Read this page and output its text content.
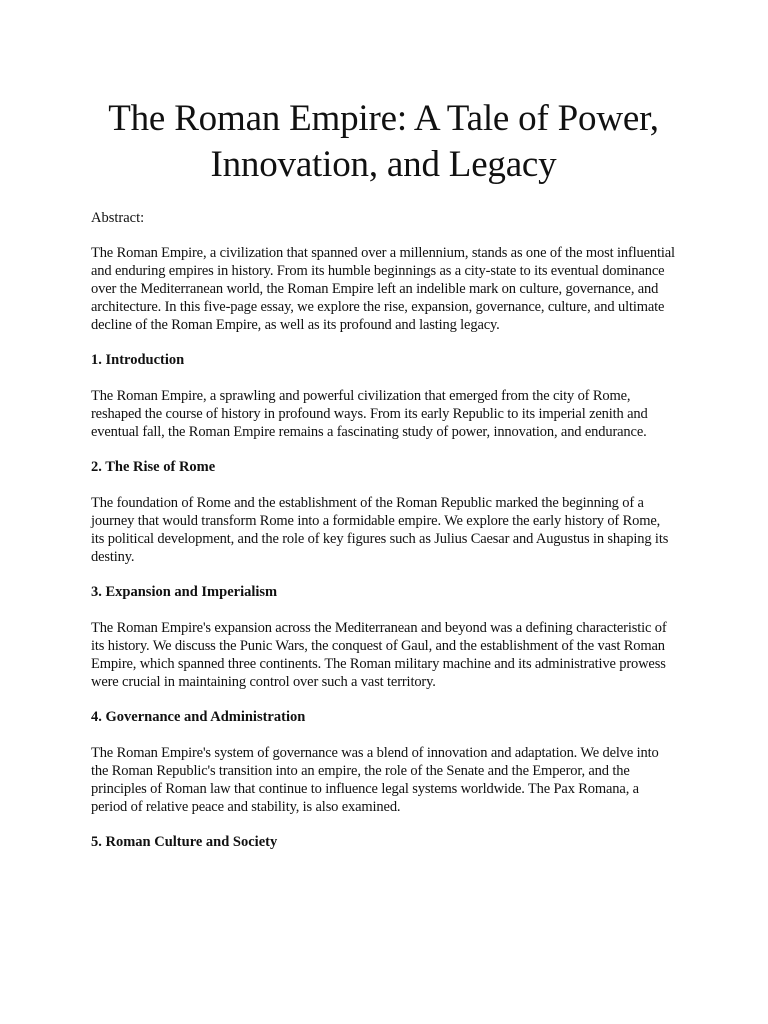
The Roman Empire: A Tale of Power,
Innovation, and Legacy

Abstract:

The Roman Empire, a civilization that spanned over a millennium, stands as one of the most influential and enduring empires in history. From its humble beginnings as a city-state to its eventual dominance over the Mediterranean world, the Roman Empire left an indelible mark on culture, governance, and architecture. In this five-page essay, we explore the rise, expansion, governance, culture, and ultimate decline of the Roman Empire, as well as its profound and lasting legacy.

1. Introduction

The Roman Empire, a sprawling and powerful civilization that emerged from the city of Rome, reshaped the course of history in profound ways. From its early Republic to its imperial zenith and eventual fall, the Roman Empire remains a fascinating study of power, innovation, and endurance.

2. The Rise of Rome

The foundation of Rome and the establishment of the Roman Republic marked the beginning of a journey that would transform Rome into a formidable empire. We explore the early history of Rome, its political development, and the role of key figures such as Julius Caesar and Augustus in shaping its destiny.

3. Expansion and Imperialism

The Roman Empire's expansion across the Mediterranean and beyond was a defining characteristic of its history. We discuss the Punic Wars, the conquest of Gaul, and the establishment of the vast Roman Empire, which spanned three continents. The Roman military machine and its administrative prowess were crucial in maintaining control over such a vast territory.

4. Governance and Administration

The Roman Empire's system of governance was a blend of innovation and adaptation. We delve into the Roman Republic's transition into an empire, the role of the Senate and the Emperor, and the principles of Roman law that continue to influence legal systems worldwide. The Pax Romana, a period of relative peace and stability, is also examined.

5. Roman Culture and Society
